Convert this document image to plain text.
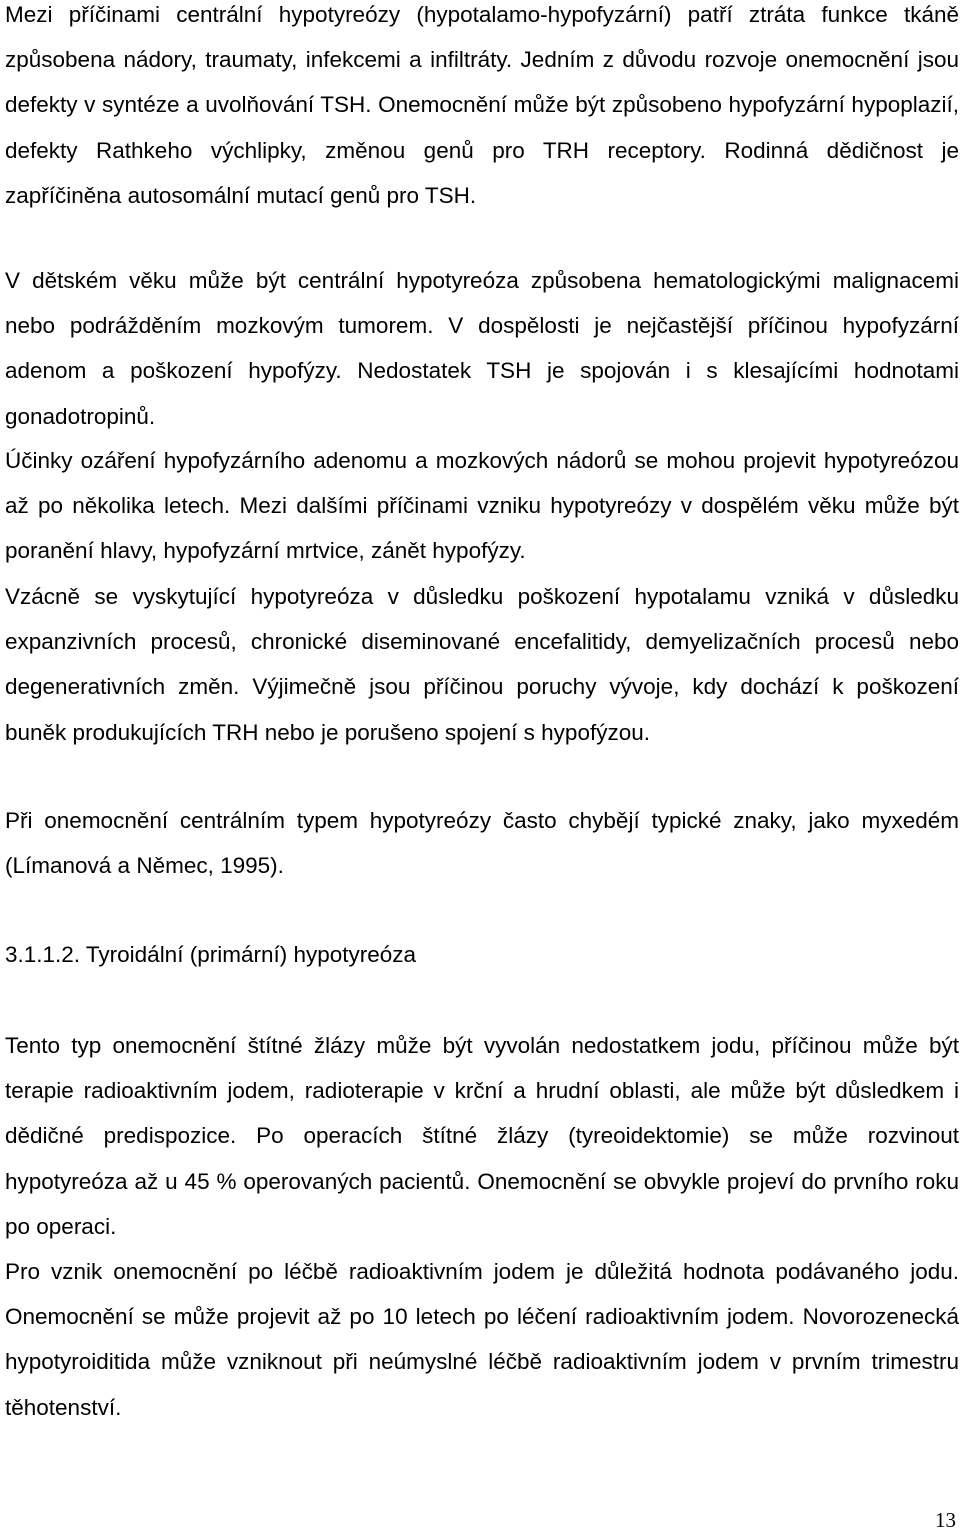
Mezi příčinami centrální hypotyreózy (hypotalamo-hypofyzární) patří ztráta funkce tkáně způsobena nádory, traumaty, infekcemi a infiltráty. Jedním z důvodu rozvoje onemocnění jsou defekty v syntéze a uvolňování TSH. Onemocnění může být způsobeno hypofyzární hypoplazií, defekty Rathkeho výchlipky, změnou genů pro TRH receptory. Rodinná dědičnost je zapříčiněna autosomální mutací genů pro TSH.

V dětském věku může být centrální hypotyreóza způsobena hematologickými malignacemi nebo podrážděním mozkovým tumorem. V dospělosti je nejčastější příčinou hypofyzární adenom a poškození hypofýzy. Nedostatek TSH je spojován i s klesajícími hodnotami gonadotropinů.

Účinky ozáření hypofyzárního adenomu a mozkových nádorů se mohou projevit hypotyreózou až po několika letech. Mezi dalšími příčinami vzniku hypotyreózy v dospělém věku může být poranění hlavy, hypofyzární mrtvice, zánět hypofýzy.

Vzácně se vyskytující hypotyreóza v důsledku poškození hypotalamu vzniká v důsledku expanzivních procesů, chronické diseminované encefalitidy, demyelizačních procesů nebo degenerativních změn. Výjimečně jsou příčinou poruchy vývoje, kdy dochází k poškození buněk produkujících TRH nebo je porušeno spojení s hypofýzou.

Při onemocnění centrálním typem hypotyreózy často chybějí typické znaky, jako myxedém (Límanová a Němec, 1995).

3.1.1.2. Tyroidální (primární) hypotyreóza

Tento typ onemocnění štítné žlázy může být vyvolán nedostatkem jodu, příčinou může být terapie radioaktivním jodem, radioterapie v krční a hrudní oblasti, ale může být důsledkem i dědičné predispozice. Po operacích štítné žlázy (tyreoidektomie) se může rozvinout hypotyreóza až u 45 % operovaných pacientů. Onemocnění se obvykle projeví do prvního roku po operaci.

Pro vznik onemocnění po léčbě radioaktivním jodem je důležitá hodnota podávaného jodu. Onemocnění se může projevit až po 10 letech po léčení radioaktivním jodem. Novorozenecká hypotyroiditida může vzniknout při neúmyslné léčbě radioaktivním jodem v prvním trimestru těhotenství.

13
